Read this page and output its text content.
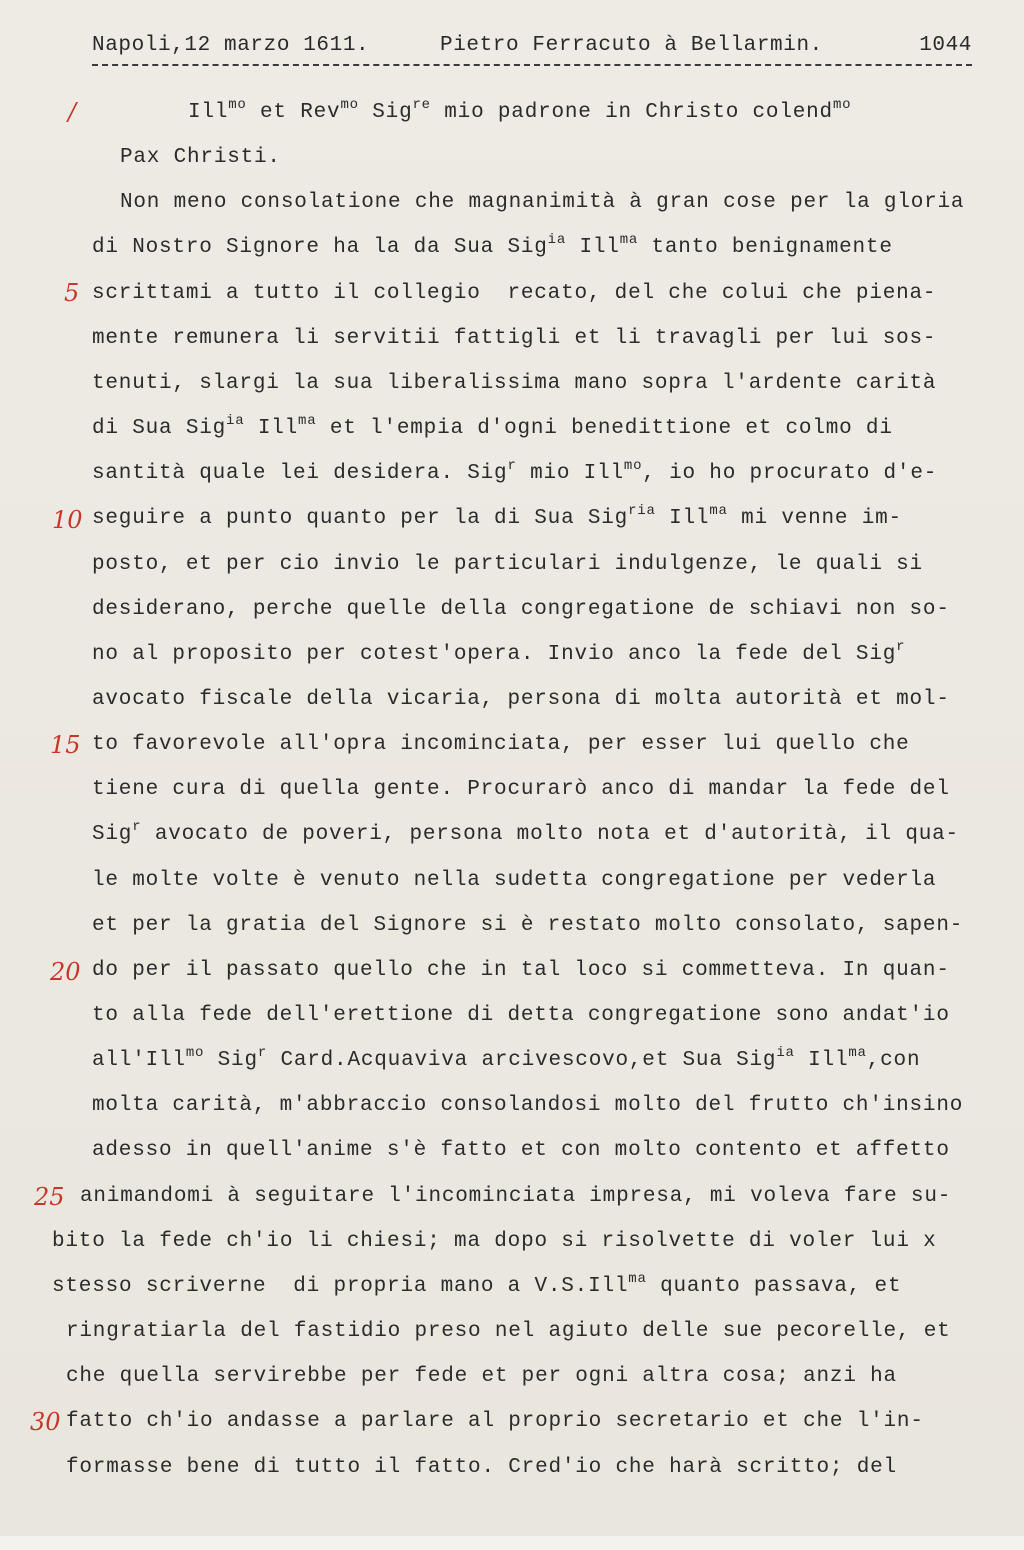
Napoli,12 marzo 1611.

	Pietro Ferracuto à Bellarmin.

	1044

/
5
10
15
20
25
30
Ill$^{mo}$ et Rev$^{mo}$ Sig$^{re}$ mio padrone in Christo colend$^{mo}$
Pax Christi.
Non meno consolatione che magnanimità à gran cose per la gloria
di Nostro Signore ha la da Sua Sig$^{ia}$ Ill$^{ma}$ tanto benignamente
scrittami a tutto il collegio  recato, del che colui che piena-
mente remunera li servitii fattigli et li travagli per lui sos-
tenuti, slargi la sua liberalissima mano sopra l'ardente carità
di Sua Sig$^{ia}$ Ill$^{ma}$ et l'empia d'ogni benedittione et colmo di
santità quale lei desidera. Sig$^r$ mio Ill$^{mo}$, io ho procurato d'e-
seguire a punto quanto per la di Sua Sig$^{ria}$ Ill$^{ma}$ mi venne im-
posto, et per cio invio le particulari indulgenze, le quali si
desiderano, perche quelle della congregatione de schiavi non so-
no al proposito per cotest'opera. Invio anco la fede del Sig$^r$
avocato fiscale della vicaria, persona di molta autorità et mol-
to favorevole all'opra incominciata, per esser lui quello che
tiene cura di quella gente. Procurarò anco di mandar la fede del
Sig$^r$ avocato de poveri, persona molto nota et d'autorità, il qua-
le molte volte è venuto nella sudetta congregatione per vederla
et per la gratia del Signore si è restato molto consolato, sapen-
do per il passato quello che in tal loco si commetteva. In quan-
to alla fede dell'erettione di detta congregatione sono andat'io
all'Ill$^{mo}$ Sig$^r$ Card.Acquaviva arcivescovo,et Sua Sig$^{ia}$ Ill$^{ma}$,con
molta carità, m'abbraccio consolandosi molto del frutto ch'insino
adesso in quell'anime s'è fatto et con molto contento et affetto
animandomi à seguitare l'incominciata impresa, mi voleva fare su-
bito la fede ch'io li chiesi; ma dopo si risolvette di voler lui x
stesso scriverne  di propria mano a V.S.Ill$^{ma}$ quanto passava, et
ringratiarla del fastidio preso nel agiuto delle sue pecorelle, et
che quella servirebbe per fede et per ogni altra cosa; anzi ha
fatto ch'io andasse a parlare al proprio secretario et che l'in-
formasse bene di tutto il fatto. Cred'io che harà scritto; del
